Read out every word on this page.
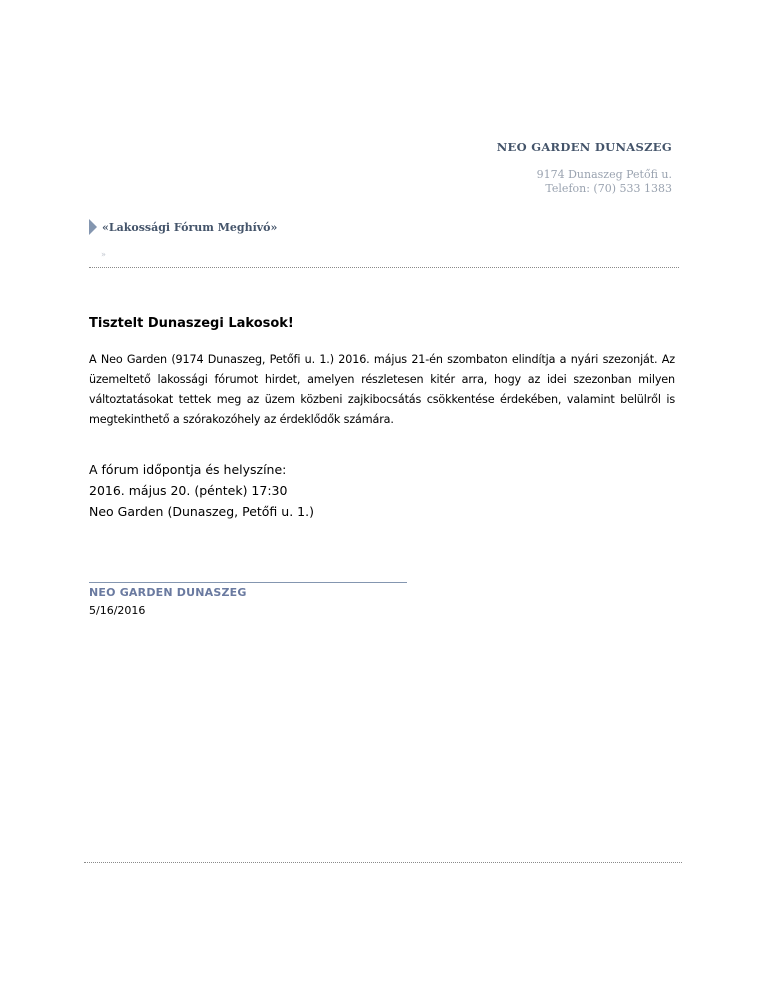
NEO GARDEN DUNASZEG
9174 Dunaszeg Petőfi u.
Telefon: (70) 533 1383
«Lakossági Fórum Meghívó»
»
Tisztelt Dunaszegi Lakosok!

A Neo Garden (9174 Dunaszeg, Petőfi u. 1.) 2016. május 21-én szombaton elindítja a nyári szezonját. Az üzemeltető lakossági fórumot hirdet, amelyen részletesen kitér arra, hogy az idei szezonban milyen változtatásokat tettek meg az üzem közbeni zajkibocsátás csökkentése érdekében, valamint belülről is megtekinthető a szórakozóhely az érdeklődők számára.

A fórum időpontja és helyszíne:
2016. május 20. (péntek) 17:30
Neo Garden (Dunaszeg, Petőfi u. 1.)
NEO GARDEN DUNASZEG
5/16/2016
